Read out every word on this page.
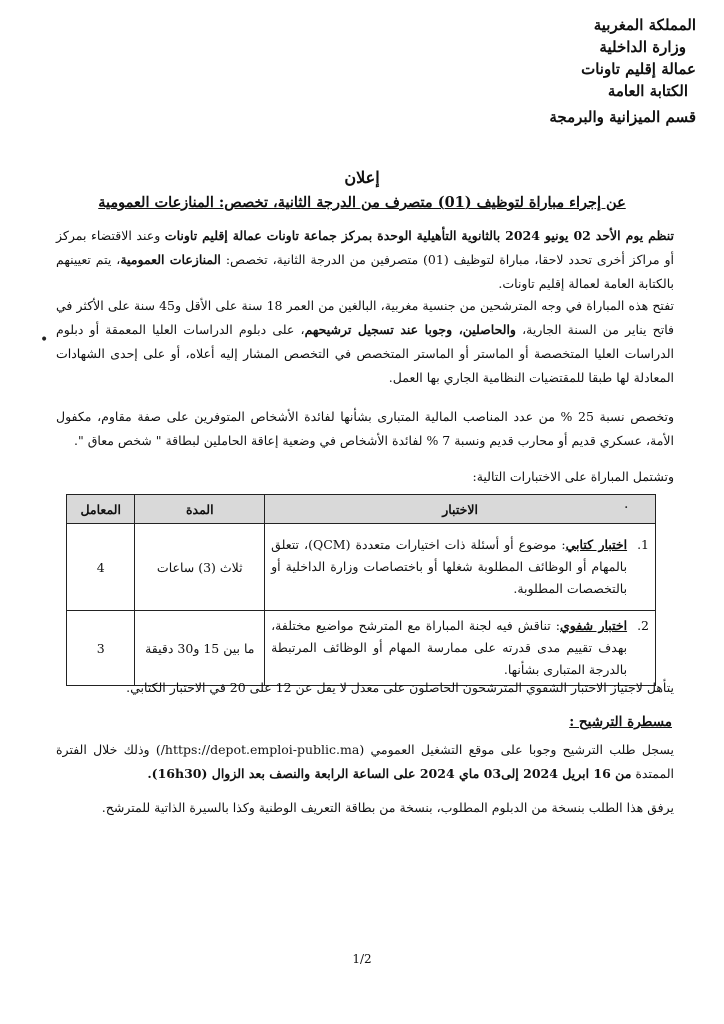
المملكة المغربية
وزارة الداخلية
عمالة إقليم تاونات
الكتابة العامة
قسم الميزانية والبرمجة
إعلان
عن إجراء مباراة لتوظيف (01) متصرف من الدرجة الثانية، تخصص: المنازعات العمومية
تنظم يوم الأحد 02 يونيو 2024 بالثانوية التأهيلية الوحدة بمركز جماعة تاونات عمالة إقليم تاونات وعند الاقتضاء بمركز أو مراكز أخرى تحدد لاحقا، مباراة لتوظيف (01) متصرفين من الدرجة الثانية، تخصص: المنازعات العمومية، يتم تعيينهم بالكتابة العامة لعمالة إقليم تاونات.
تفتح هذه المباراة في وجه المترشحين من جنسية مغربية، البالغين من العمر 18 سنة على الأقل و45 سنة على الأكثر في فاتح يناير من السنة الجارية، والحاصلين، وجوبا عند تسجيل ترشيحهم، على دبلوم الدراسات العليا المعمقة أو دبلوم الدراسات العليا المتخصصة أو الماستر أو الماستر المتخصص في التخصص المشار إليه أعلاه، أو على إحدى الشهادات المعادلة لها طبقا للمقتضيات النظامية الجاري بها العمل.
وتخصص نسبة 25 % من عدد المناصب المالية المتبارى بشأنها لفائدة الأشخاص المتوفرين على صفة مقاوم، مكفول الأمة، عسكري قديم أو محارب قديم ونسبة 7 % لفائدة الأشخاص في وضعية إعاقة الحاملين لبطاقة " شخص معاق ".
وتشتمل المباراة على الاختبارات التالية:
الاختبار	المدة	المعامل

1.
اختبار كتابي: موضوع أو أسئلة ذات اختيارات متعددة (QCM)، تتعلق بالمهام أو الوظائف المطلوبة شغلها أو باختصاصات وزارة الداخلية أو بالتخصصات المطلوبة.	ثلاث (3) ساعات	4

2.
اختبار شفوي: تناقش فيه لجنة المباراة مع المترشح مواضيع مختلفة، بهدف تقييم مدى قدرته على ممارسة المهام أو الوظائف المرتبطة بالدرجة المتبارى بشأنها.	ما بين 15 و30 دقيقة	3
يتأهل لاجتياز الاختبار الشفوي المترشحون الحاصلون على معدل لا يقل عن 12 على 20 في الاختبار الكتابي.
مسطرة الترشيح :
يسجل طلب الترشيح وجوبا على موقع التشغيل العمومي (https://depot.emploi-public.ma/) وذلك خلال الفترة الممتدة من 16 ابريل 2024 إلى03 ماي 2024 على الساعة الرابعة والنصف بعد الزوال (16h30).
يرفق هذا الطلب بنسخة من الدبلوم المطلوب، بنسخة من بطاقة التعريف الوطنية وكذا بالسيرة الذاتية للمترشح.
•
·
1/2
